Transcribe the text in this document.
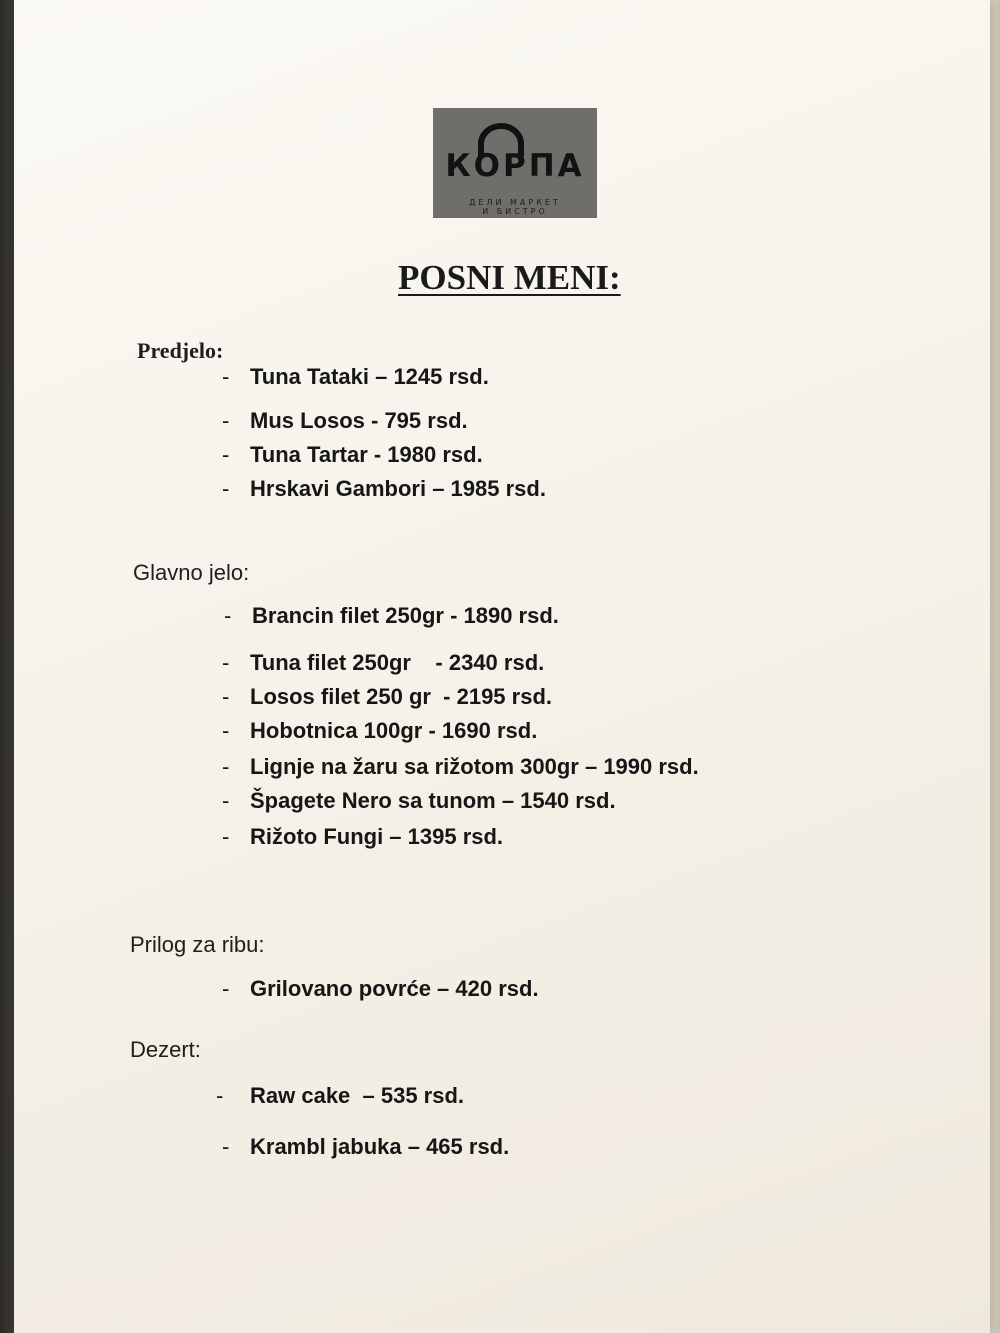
КОРПА
ДЕЛИ МАРКЕТ
И БИСТРО
POSNI MENI:
Predjelo:
- Tuna Tataki – 1245 rsd.
- Mus Losos - 795 rsd.
- Tuna Tartar - 1980 rsd.
- Hrskavi Gambori – 1985 rsd.
Glavno jelo:
- Brancin filet 250gr - 1890 rsd.
- Tuna filet 250gr    - 2340 rsd.
- Losos filet 250 gr  - 2195 rsd.
- Hobotnica 100gr - 1690 rsd.
- Lignje na žaru sa rižotom 300gr – 1990 rsd.
- Špagete Nero sa tunom – 1540 rsd.
- Rižoto Fungi – 1395 rsd.
Prilog za ribu:
- Grilovano povrće – 420 rsd.
Dezert:
- Raw cake  – 535 rsd.
- Krambl jabuka – 465 rsd.
